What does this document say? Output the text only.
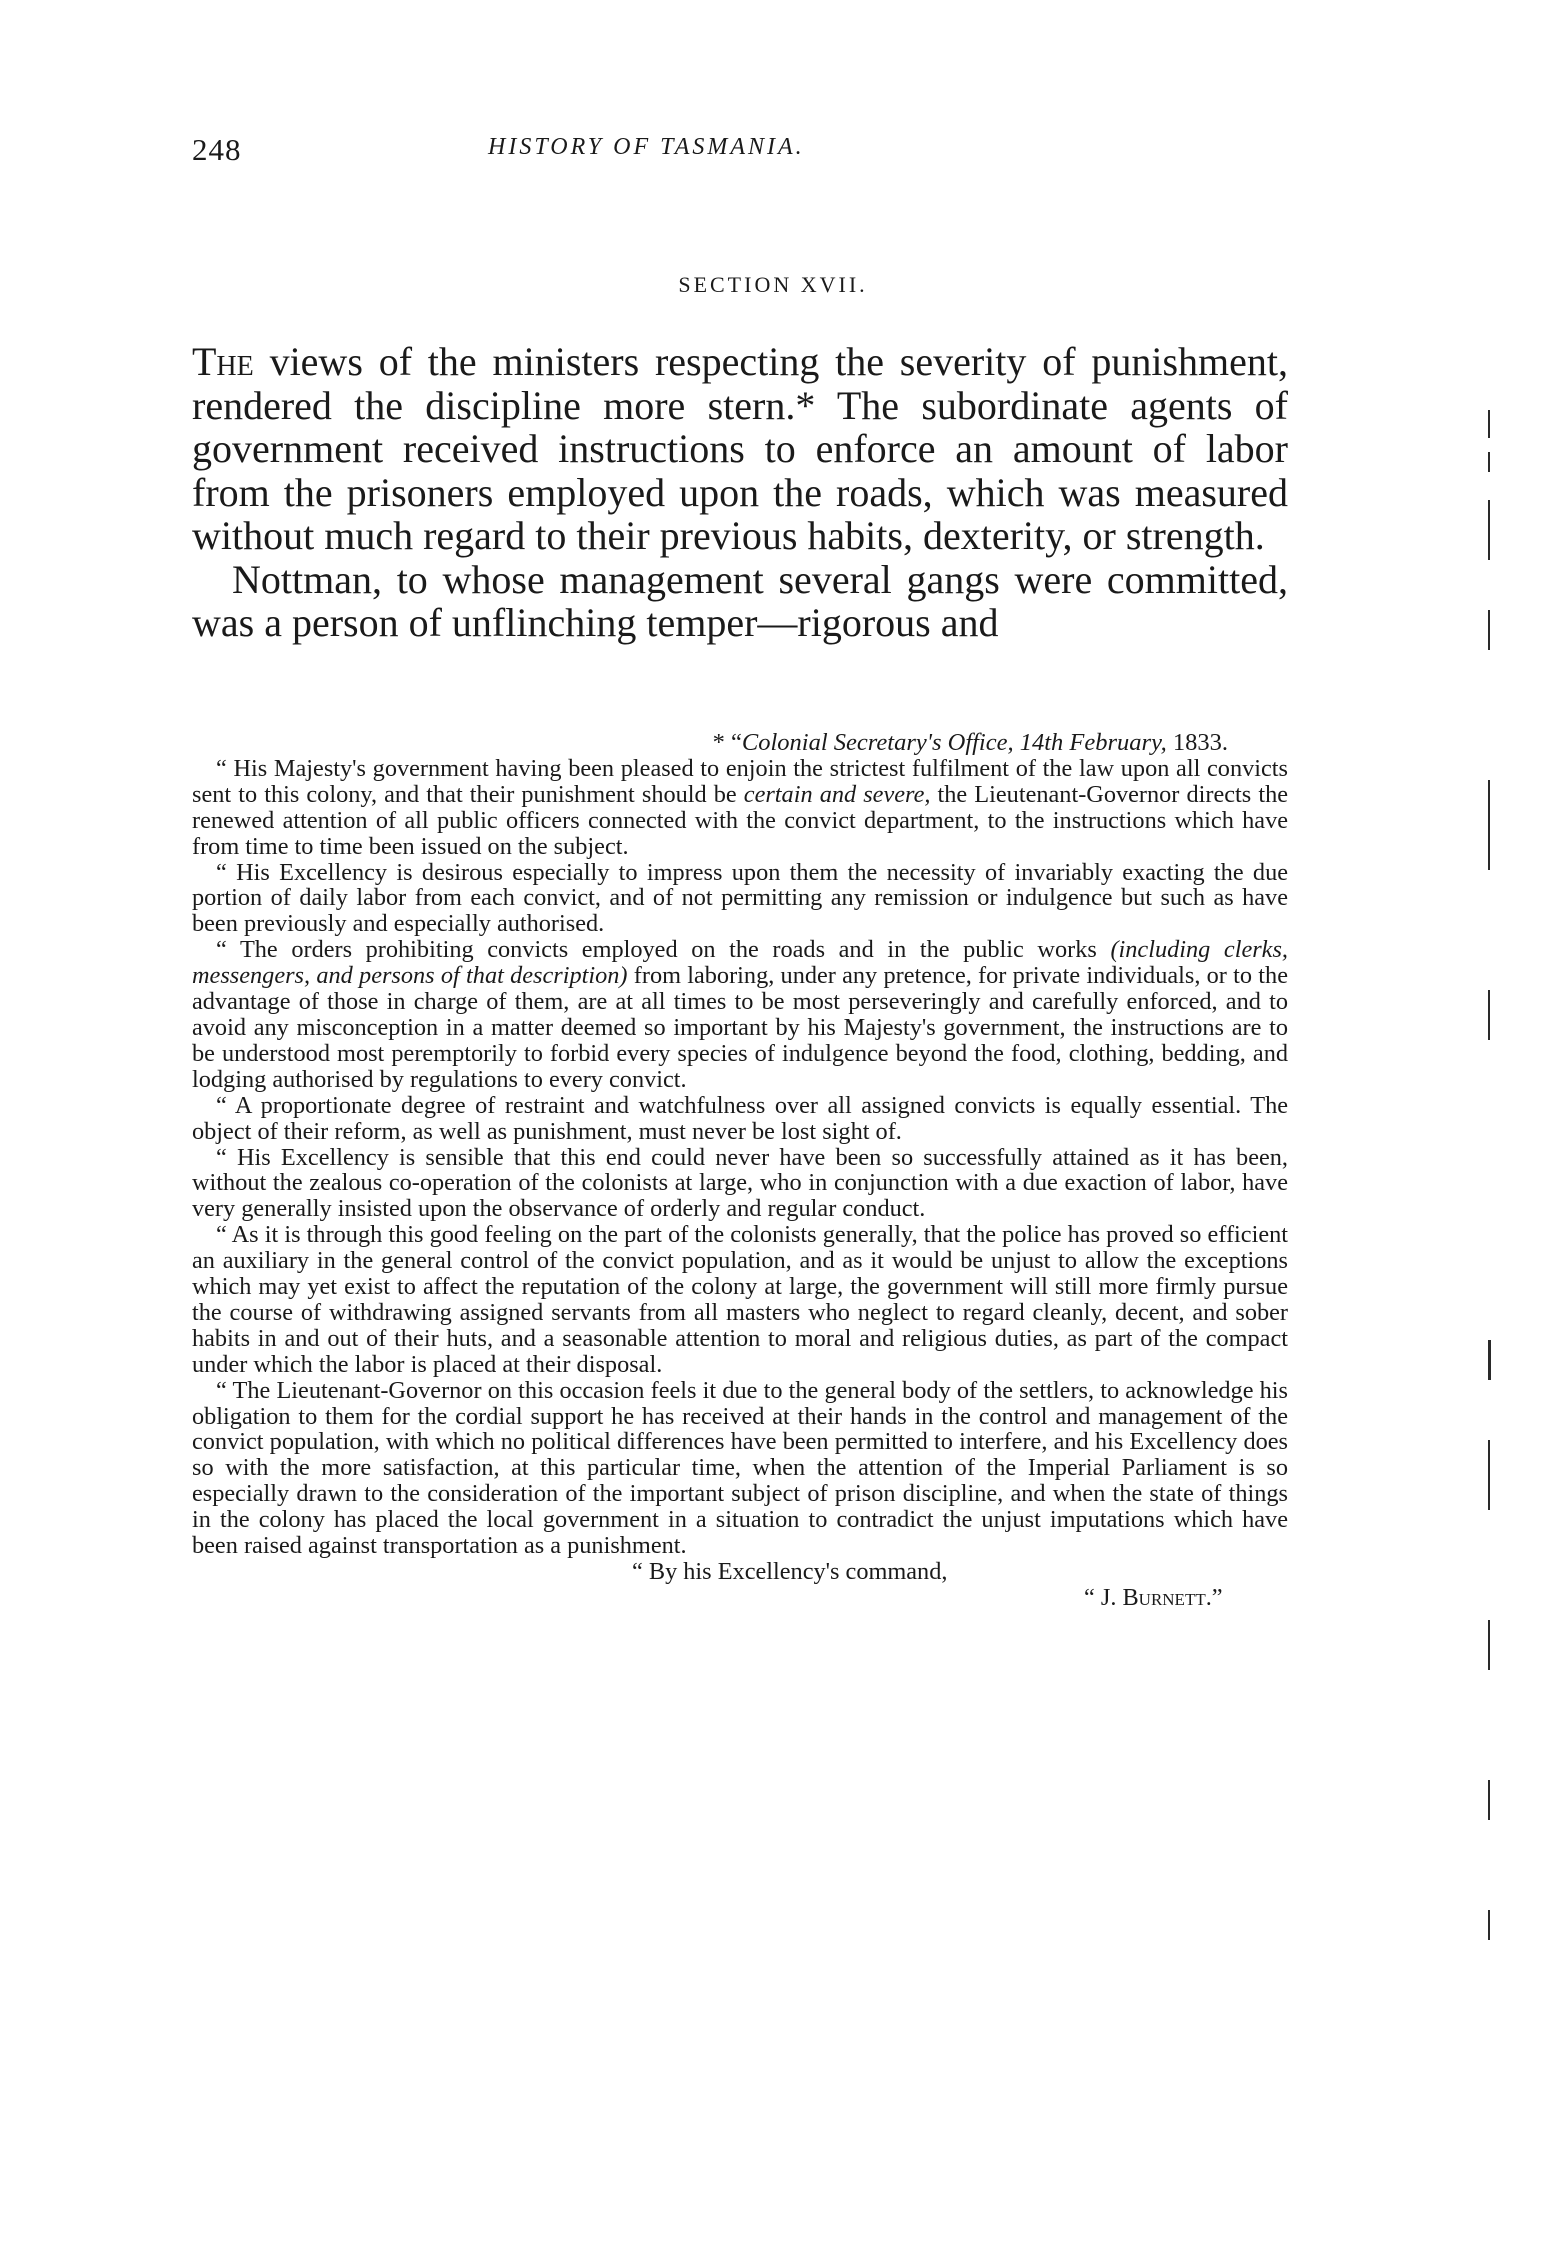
248	HISTORY OF TASMANIA.
SECTION XVII.

The views of the ministers respecting the severity of punishment, rendered the discipline more stern.* The subordinate agents of government received instructions to enforce an amount of labor from the prisoners employed upon the roads, which was measured without much regard to their previous habits, dexterity, or strength.

Nottman, to whose management several gangs were committed, was a person of unflinching temper—rigorous and

* “Colonial Secretary's Office, 14th February, 1833.

“ His Majesty's government having been pleased to enjoin the strictest fulfilment of the law upon all convicts sent to this colony, and that their punishment should be certain and severe, the Lieutenant-Governor directs the renewed attention of all public officers connected with the convict department, to the instructions which have from time to time been issued on the subject.

“ His Excellency is desirous especially to impress upon them the necessity of invariably exacting the due portion of daily labor from each convict, and of not permitting any remission or indulgence but such as have been previously and especially authorised.

“ The orders prohibiting convicts employed on the roads and in the public works (including clerks, messengers, and persons of that description) from laboring, under any pretence, for private individuals, or to the advantage of those in charge of them, are at all times to be most perseveringly and carefully enforced, and to avoid any misconception in a matter deemed so important by his Majesty's government, the instructions are to be understood most peremptorily to forbid every species of indulgence beyond the food, clothing, bedding, and lodging authorised by regulations to every convict.

“ A proportionate degree of restraint and watchfulness over all assigned convicts is equally essential. The object of their reform, as well as punishment, must never be lost sight of.

“ His Excellency is sensible that this end could never have been so successfully attained as it has been, without the zealous co-operation of the colonists at large, who in conjunction with a due exaction of labor, have very generally insisted upon the observance of orderly and regular conduct.

“ As it is through this good feeling on the part of the colonists generally, that the police has proved so efficient an auxiliary in the general control of the convict population, and as it would be unjust to allow the exceptions which may yet exist to affect the reputation of the colony at large, the government will still more firmly pursue the course of withdrawing assigned servants from all masters who neglect to regard cleanly, decent, and sober habits in and out of their huts, and a seasonable attention to moral and religious duties, as part of the compact under which the labor is placed at their disposal.

“ The Lieutenant-Governor on this occasion feels it due to the general body of the settlers, to acknowledge his obligation to them for the cordial support he has received at their hands in the control and management of the convict population, with which no political differences have been permitted to interfere, and his Excellency does so with the more satisfaction, at this particular time, when the attention of the Imperial Parliament is so especially drawn to the consideration of the important subject of prison discipline, and when the state of things in the colony has placed the local government in a situation to contradict the unjust imputations which have been raised against transportation as a punishment.

“ By his Excellency's command,

“ J. Burnett.”
